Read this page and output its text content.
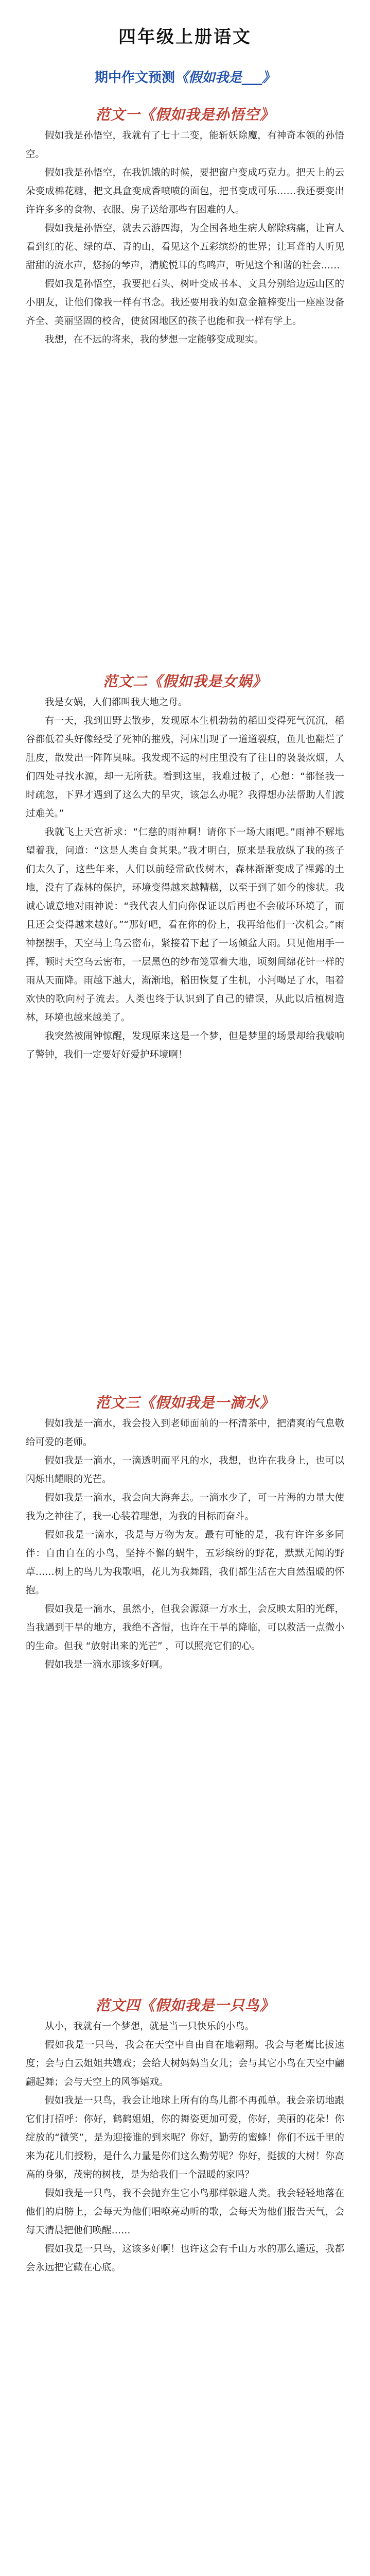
四年级上册语文
期中作文预测《假如我是___》
范文一《假如我是孙悟空》

假如我是孙悟空，我就有了七十二变，能斩妖除魔，有神奇本领的孙悟空。

假如我是孙悟空，在我饥饿的时候，要把窗户变成巧克力。把天上的云朵变成棉花糖，把文具盒变成香喷喷的面包，把书变成可乐……我还要变出许许多多的食物、衣服、房子送给那些有困难的人。

假如我是孙悟空，就去云游四海，为全国各地生病人解除病痛，让盲人看到红的花、绿的草、青的山，看见这个五彩缤纷的世界；让耳聋的人听见甜甜的流水声，悠扬的琴声，清脆悦耳的鸟鸣声，听见这个和谐的社会……

假如我是孙悟空，我要把石头、树叶变成书本、文具分别给边远山区的小朋友，让他们像我一样有书念。我还要用我的如意金箍棒变出一座座设备齐全、美丽坚固的校舍，使贫困地区的孩子也能和我一样有学上。

我想，在不远的将来，我的梦想一定能够变成现实。

范文二《假如我是女娲》

我是女娲，人们都叫我大地之母。

有一天，我到田野去散步，发现原本生机勃勃的稻田变得死气沉沉，稻谷都低着头好像经受了死神的摧残，河床出现了一道道裂痕，鱼儿也翻烂了肚皮，散发出一阵阵臭味。我发现不远的村庄里没有了往日的袅袅炊烟，人们四处寻找水源，却一无所获。看到这里，我难过极了，心想：“都怪我一时疏忽，下界才遇到了这么大的旱灾，该怎么办呢？我得想办法帮助人们渡过难关。”

我就飞上天宫祈求：“仁慈的雨神啊！请你下一场大雨吧。”雨神不解地望着我，问道：“这是人类自食其果。”我才明白，原来是我放纵了我的孩子们太久了，这些年来，人们以前经常砍伐树木，森林渐渐变成了裸露的土地，没有了森林的保护，环境变得越来越糟糕，以至于到了如今的惨状。我诚心诚意地对雨神说：“我代表人们向你保证以后再也不会破坏环境了，而且还会变得越来越好。”“那好吧，看在你的份上，我再给他们一次机会。”雨神摆摆手，天空马上乌云密布，紧接着下起了一场倾盆大雨。只见他用手一挥，顿时天空乌云密布，一层黑色的纱布笼罩着大地，顷刻间绵花针一样的雨从天而降。雨越下越大，渐渐地，稻田恢复了生机，小河喝足了水，唱着欢快的歌向村子流去。人类也终于认识到了自己的错误，从此以后植树造林，环境也越来越美了。

我突然被闹钟惊醒，发现原来这是一个梦，但是梦里的场景却给我敲响了警钟，我们一定要好好爱护环境啊！

范文三《假如我是一滴水》

假如我是一滴水，我会投入到老师面前的一杯清茶中，把清爽的气息敬给可爱的老师。

假如我是一滴水，一滴透明而平凡的水，我想，也许在我身上，也可以闪烁出耀眼的光芒。

假如我是一滴水，我会向大海奔去。一滴水少了，可一片海的力量大使我为之神往了，我一心装着理想，为我的目标而奋斗。

假如我是一滴水，我是与万物为友。最有可能的是，我有许许多多同伴：自由自在的小鸟，坚持不懈的蜗牛，五彩缤纷的野花，默默无闻的野草……树上的鸟儿为我歌唱，花儿为我舞蹈，我们都生活在大自然温暖的怀抱。

假如我是一滴水，虽然小，但我会源源一方水土，会反映太阳的光辉，当我遇到干旱的地方，我绝不吝惜，也许在干旱的降临，可以救活一点微小的生命。但我 “放射出来的光芒” ，可以照亮它们的心。

假如我是一滴水那该多好啊。

范文四《假如我是一只鸟》

从小，我就有一个梦想，就是当一只快乐的小鸟。

假如我是一只鸟，我会在天空中自由自在地翱翔。我会与老鹰比拔速度；会与白云姐姐共嬉戏；会给大树妈妈当女儿；会与其它小鸟在天空中翩翩起舞；会与天空上的风筝嬉戏。

假如我是一只鸟，我会让地球上所有的鸟儿都不再孤单。我会亲切地跟它们打招呼：你好，鹤鹤姐姐，你的舞姿更加可爱，你好，美丽的花朵！你绽放的“微笑”，是为迎接谁的到来呢？你好，勤劳的蜜蜂！你们不远千里的来为花儿们授粉，是什么力量是你们这么勤劳呢？你好，挺拔的大树！你高高的身躯，茂密的树枝，是为给我们一个温暖的家吗？

假如我是一只鸟，我不会抛弃生它小鸟那样躲避人类。我会轻轻地落在他们的肩膀上，会每天为他们唱嘹亮动听的歌，会每天为他们报告天气，会每天清晨把他们唤醒……

假如我是一只鸟，这该多好啊！也许这会有千山万水的那么遥远，我都会永远把它藏在心底。
